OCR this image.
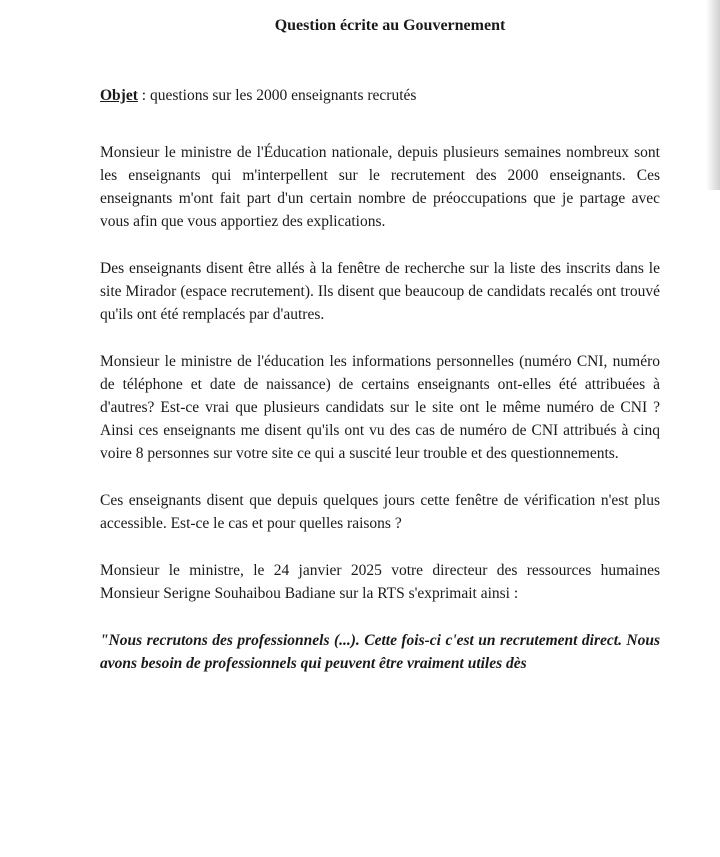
Question écrite au Gouvernement
Objet : questions sur les 2000 enseignants recrutés

Monsieur le ministre de l'Éducation nationale, depuis plusieurs semaines nombreux sont les enseignants qui m'interpellent sur le recrutement des 2000 enseignants. Ces enseignants m'ont fait part d'un certain nombre de préoccupations que je partage avec vous afin que vous apportiez des explications.

Des enseignants disent être allés à la fenêtre de recherche sur la liste des inscrits dans le site Mirador (espace recrutement). Ils disent que beaucoup de candidats recalés ont trouvé qu'ils ont été remplacés par d'autres.

Monsieur le ministre de l'éducation les informations personnelles (numéro CNI, numéro de téléphone et date de naissance) de certains enseignants ont-elles été attribuées à d'autres? Est-ce vrai que plusieurs candidats sur le site ont le même numéro de CNI ? Ainsi ces enseignants me disent qu'ils ont vu des cas de numéro de CNI attribués à cinq voire 8 personnes sur votre site ce qui a suscité leur trouble et des questionnements.

Ces enseignants disent que depuis quelques jours cette fenêtre de vérification n'est plus accessible. Est-ce le cas et pour quelles raisons ?

Monsieur le ministre, le 24 janvier 2025 votre directeur des ressources humaines Monsieur Serigne Souhaibou Badiane sur la RTS s'exprimait ainsi :

"Nous recrutons des professionnels (...). Cette fois-ci c'est un recrutement direct. Nous avons besoin de professionnels qui peuvent être vraiment utiles dès
